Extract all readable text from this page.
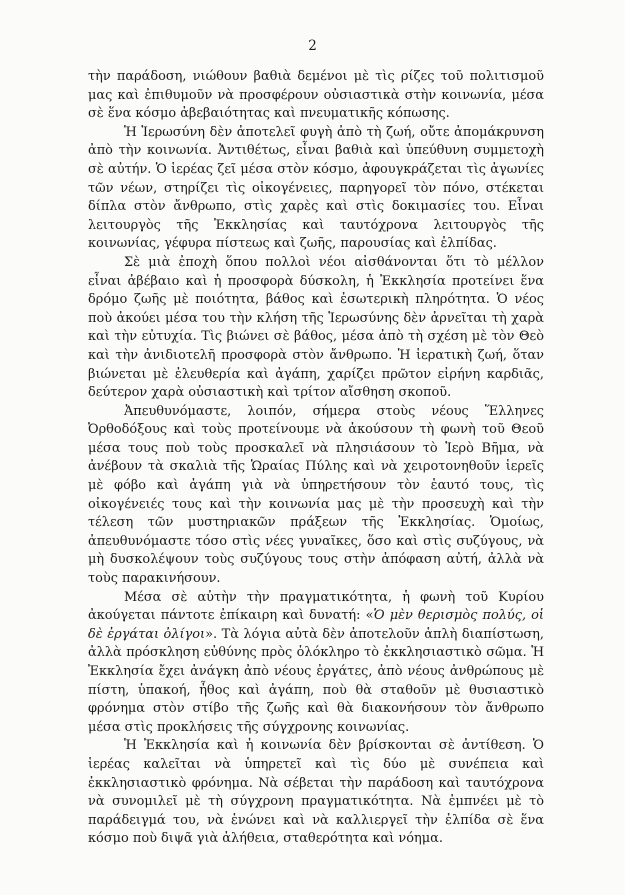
2

τὴν παράδοση, νιώθουν βαθιὰ δεμένοι μὲ τὶς ρίζες τοῦ πολιτισμοῦ μας καὶ ἐπιθυμοῦν νὰ προσφέρουν οὐσιαστικὰ στὴν κοινωνία, μέσα σὲ ἕνα κόσμο ἀβεβαιότητας καὶ πνευματικῆς κόπωσης.

Ἡ Ἱερωσύνη δὲν ἀποτελεῖ φυγὴ ἀπὸ τὴ ζωή, οὔτε ἀπομάκρυνση ἀπὸ τὴν κοινωνία. Ἀντιθέτως, εἶναι βαθιὰ καὶ ὑπεύθυνη συμμετοχὴ σὲ αὐτήν. Ὁ ἱερέας ζεῖ μέσα στὸν κόσμο, ἀφουγκράζεται τὶς ἀγωνίες τῶν νέων, στηρίζει τὶς οἰκογένειες, παρηγορεῖ τὸν πόνο, στέκεται δίπλα στὸν ἄνθρωπο, στὶς χαρὲς καὶ στὶς δοκιμασίες του. Εἶναι λειτουργὸς τῆς Ἐκκλησίας καὶ ταυτόχρονα λειτουργὸς τῆς κοινωνίας, γέφυρα πίστεως καὶ ζωῆς, παρουσίας καὶ ἐλπίδας.

Σὲ μιὰ ἐποχὴ ὅπου πολλοὶ νέοι αἰσθάνονται ὅτι τὸ μέλλον εἶναι ἀβέβαιο καὶ ἡ προσφορὰ δύσκολη, ἡ Ἐκκλησία προτείνει ἕνα δρόμο ζωῆς μὲ ποιότητα, βάθος καὶ ἐσωτερικὴ πληρότητα. Ὁ νέος ποὺ ἀκούει μέσα του τὴν κλήση τῆς Ἱερωσύνης δὲν ἀρνεῖται τὴ χαρὰ καὶ τὴν εὐτυχία. Τὶς βιώνει σὲ βάθος, μέσα ἀπὸ τὴ σχέση μὲ τὸν Θεὸ καὶ τὴν ἀνιδιοτελῆ προσφορὰ στὸν ἄνθρωπο. Ἡ ἱερατικὴ ζωή, ὅταν βιώνεται μὲ ἐλευθερία καὶ ἀγάπη, χαρίζει πρῶτον εἰρήνη καρδιᾶς, δεύτερον χαρὰ οὐσιαστικὴ καὶ τρίτον αἴσθηση σκοποῦ.

Ἀπευθυνόμαστε, λοιπόν, σήμερα στοὺς νέους Ἕλληνες Ὀρθοδόξους καὶ τοὺς προτείνουμε νὰ ἀκούσουν τὴ φωνὴ τοῦ Θεοῦ μέσα τους ποὺ τοὺς προσκαλεῖ νὰ πλησιάσουν τὸ Ἱερὸ Βῆμα, νὰ ἀνέβουν τὰ σκαλιὰ τῆς Ὡραίας Πύλης καὶ νὰ χειροτονηθοῦν ἱερεῖς μὲ φόβο καὶ ἀγάπη γιὰ νὰ ὑπηρετήσουν τὸν ἑαυτό τους, τὶς οἰκογένειές τους καὶ τὴν κοινωνία μας μὲ τὴν προσευχὴ καὶ τὴν τέλεση τῶν μυστηριακῶν πράξεων τῆς Ἐκκλησίας. Ὁμοίως, ἀπευθυνόμαστε τόσο στὶς νέες γυναῖκες, ὅσο καὶ στὶς συζύγους, νὰ μὴ δυσκολέψουν τοὺς συζύγους τους στὴν ἀπόφαση αὐτή, ἀλλὰ νὰ τοὺς παρακινήσουν.

Μέσα σὲ αὐτὴν τὴν πραγματικότητα, ἡ φωνὴ τοῦ Κυρίου ἀκούγεται πάντοτε ἐπίκαιρη καὶ δυνατή: «Ὁ μὲν θερισμὸς πολύς, οἱ δὲ ἐργάται ὀλίγοι». Τὰ λόγια αὐτὰ δὲν ἀποτελοῦν ἁπλὴ διαπίστωση, ἀλλὰ πρόσκληση εὐθύνης πρὸς ὁλόκληρο τὸ ἐκκλησιαστικὸ σῶμα. Ἡ Ἐκκλησία ἔχει ἀνάγκη ἀπὸ νέους ἐργάτες, ἀπὸ νέους ἀνθρώπους μὲ πίστη, ὑπακοή, ἦθος καὶ ἀγάπη, ποὺ θὰ σταθοῦν μὲ θυσιαστικὸ φρόνημα στὸν στίβο τῆς ζωῆς καὶ θὰ διακονήσουν τὸν ἄνθρωπο μέσα στὶς προκλήσεις τῆς σύγχρονης κοινωνίας.

Ἡ Ἐκκλησία καὶ ἡ κοινωνία δὲν βρίσκονται σὲ ἀντίθεση. Ὁ ἱερέας καλεῖται νὰ ὑπηρετεῖ καὶ τὶς δύο μὲ συνέπεια καὶ ἐκκλησιαστικὸ φρόνημα. Νὰ σέβεται τὴν παράδοση καὶ ταυτόχρονα νὰ συνομιλεῖ μὲ τὴ σύγχρονη πραγματικότητα. Νὰ ἐμπνέει μὲ τὸ παράδειγμά του, νὰ ἑνώνει καὶ νὰ καλλιεργεῖ τὴν ἐλπίδα σὲ ἕνα κόσμο ποὺ διψᾶ γιὰ ἀλήθεια, σταθερότητα καὶ νόημα.
